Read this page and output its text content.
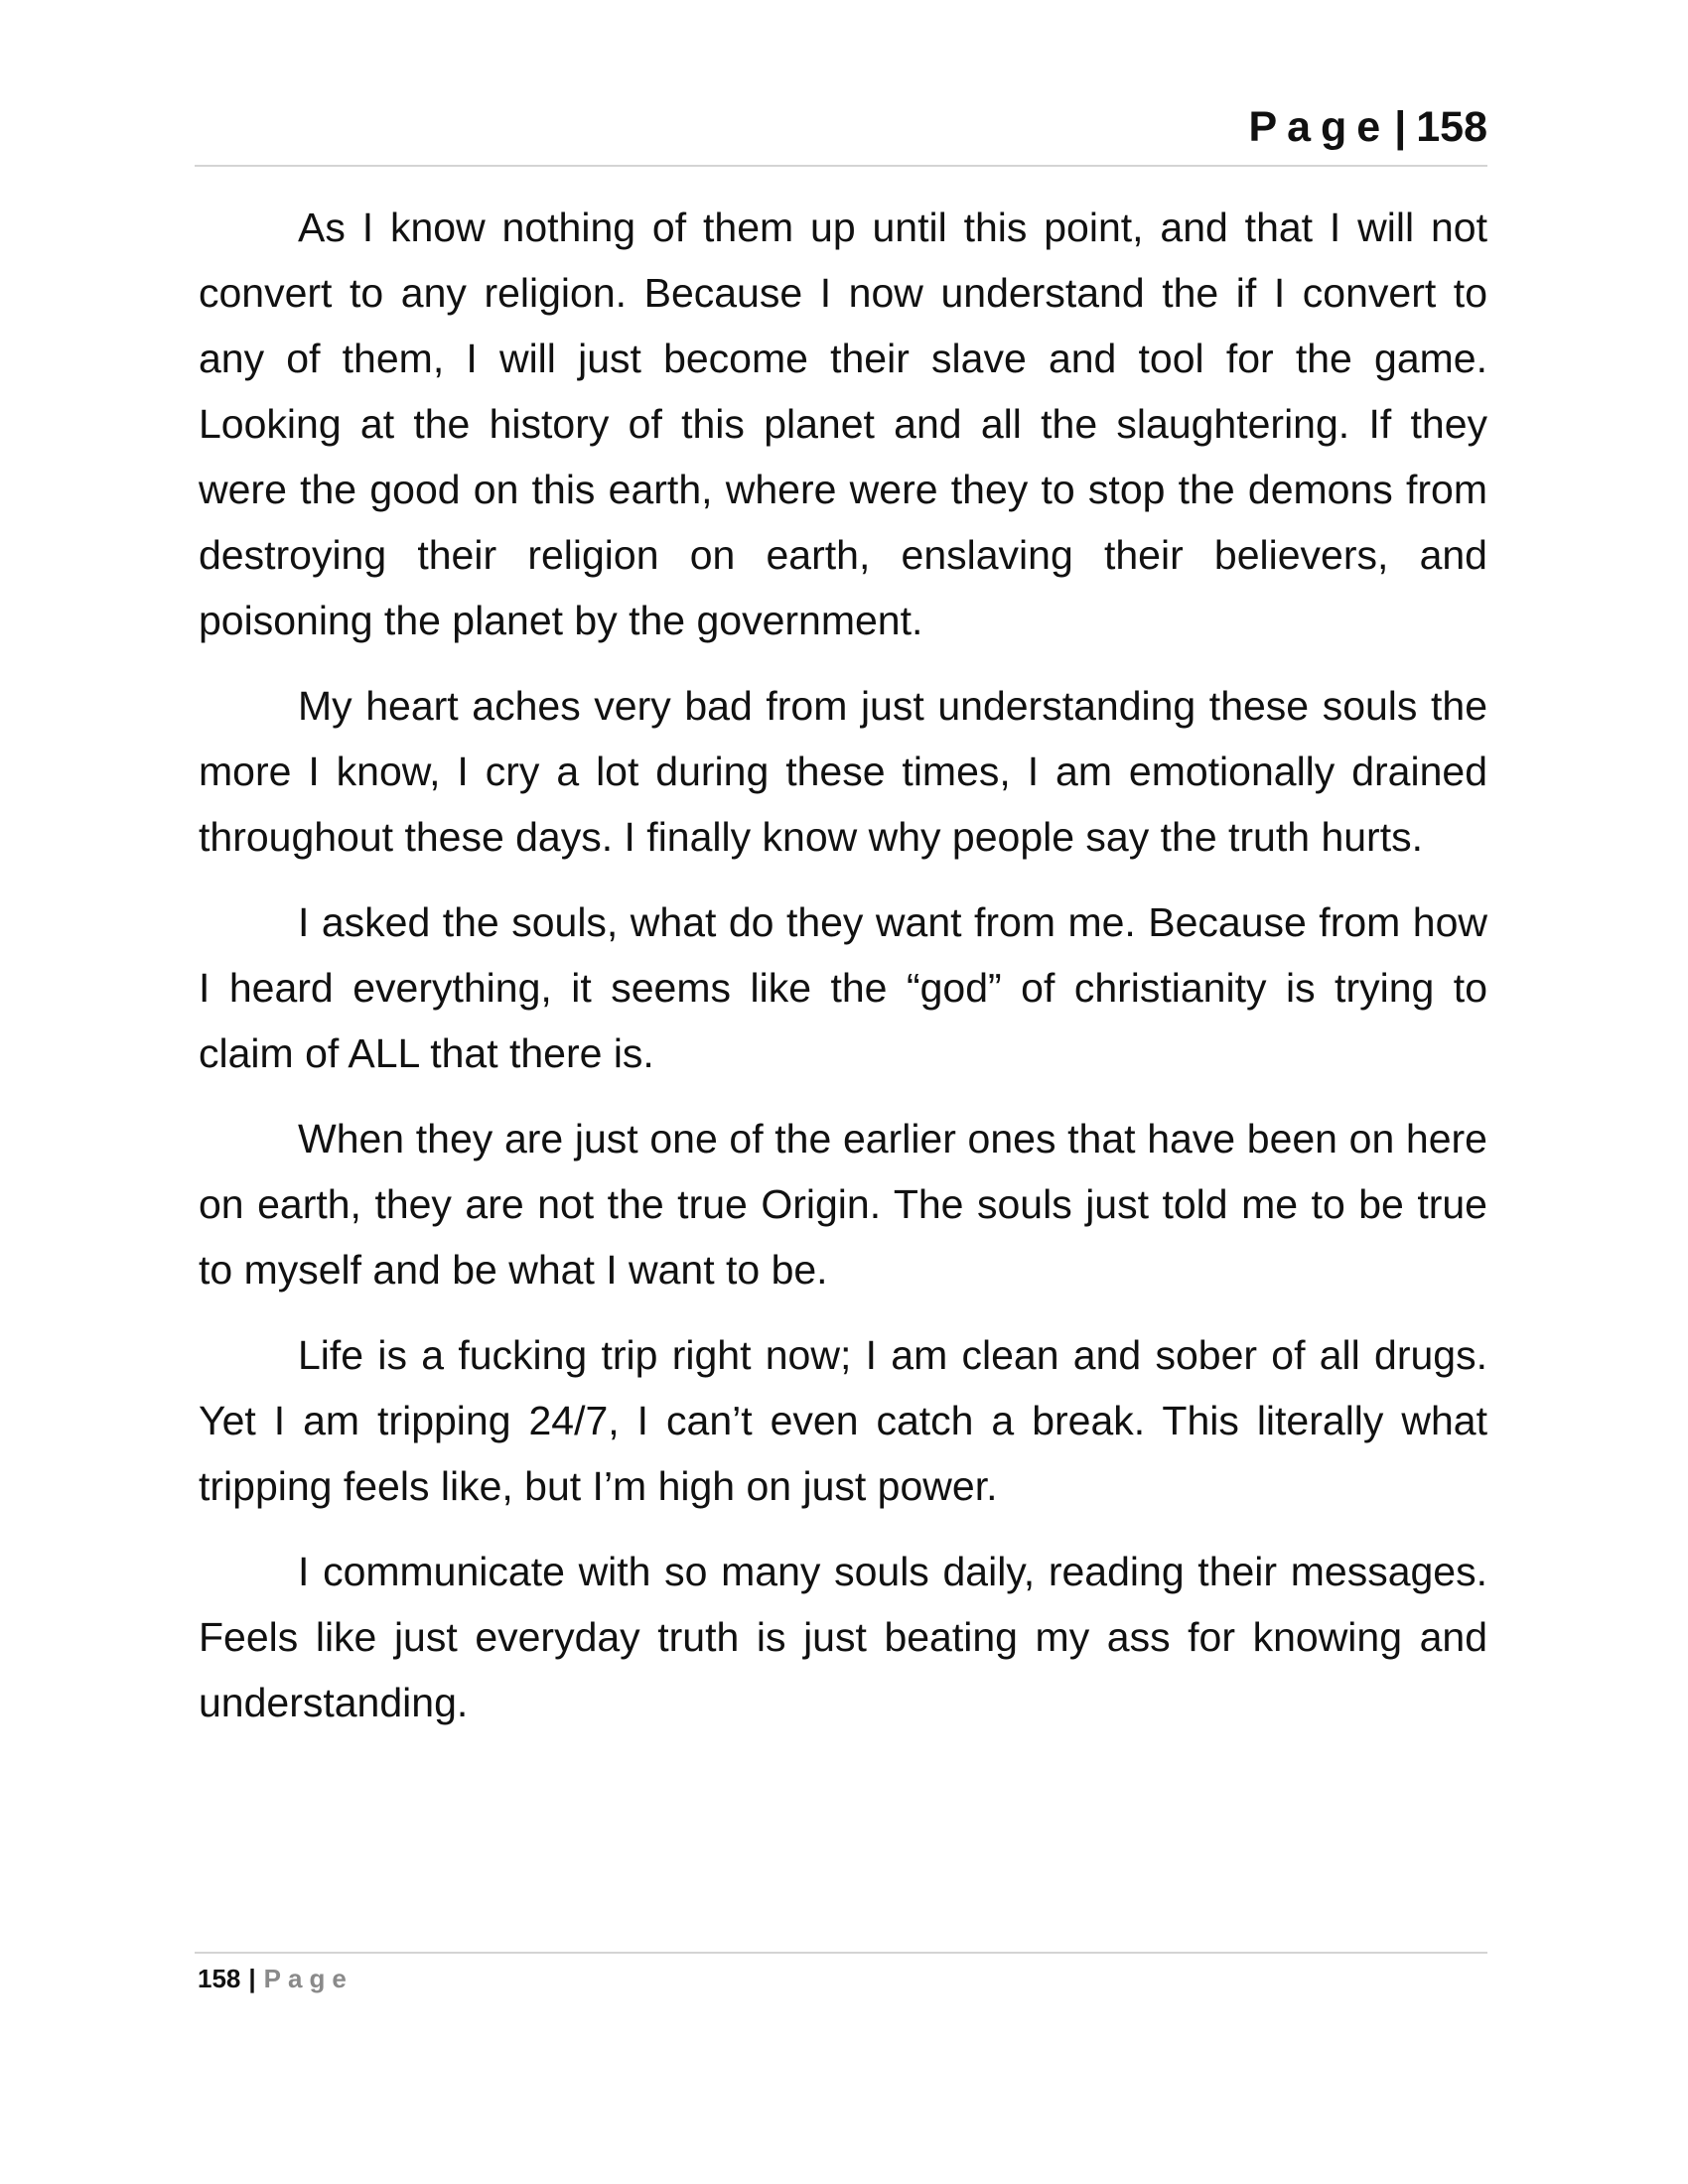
Page| 158

As I know nothing of them up until this point, and that I will not convert to any religion. Because I now understand the if I convert to any of them, I will just become their slave and tool for the game. Looking at the history of this planet and all the slaughtering. If they were the good on this earth, where were they to stop the demons from destroying their religion on earth, enslaving their believers, and poisoning the planet by the government.

My heart aches very bad from just understanding these souls the more I know, I cry a lot during these times, I am emotionally drained throughout these days. I finally know why people say the truth hurts.

I asked the souls, what do they want from me. Because from how I heard everything, it seems like the “god” of christianity is trying to claim of ALL that there is.

When they are just one of the earlier ones that have been on here on earth, they are not the true Origin. The souls just told me to be true to myself and be what I want to be.

Life is a fucking trip right now; I am clean and sober of all drugs. Yet I am tripping 24/7, I can’t even catch a break. This literally what tripping feels like, but I’m high on just power.

I communicate with so many souls daily, reading their messages. Feels like just everyday truth is just beating my ass for knowing and understanding.

158 | Page
